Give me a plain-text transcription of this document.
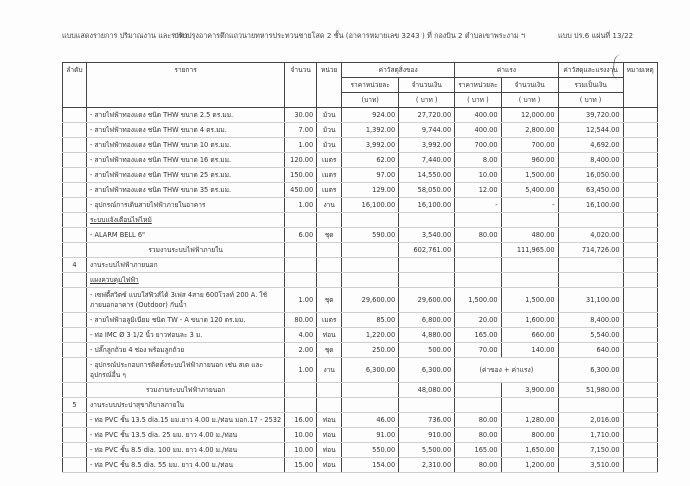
แบบแสดงรายการ ปริมาณงาน และราคา
ปรับปรุงอาคารตึกแถวนายทหารประทวนชายโสด 2 ชั้น (อาคารหมายเลข 3243 ) ที่ กองบิน 2 ตำบลเขาพระงาม ฯ	แบบ ปร.6 แผ่นที่ 13/22
ลำดับ	รายการ	จำนวน	หน่วย	ค่าวัสดุสิ่งของ		ค่าแรง		ค่าวัสดุและแรงงาน	หมายเหตุ
				ราคาหน่วยละ	จำนวนเงิน	ราคาหน่วยละ	จำนวนเงิน	รวมเป็นเงิน	
				(บาท)	( บาท )	( บาท )	( บาท )	( บาท )	
	- สายไฟฟ้าทองแดง ชนิด THW ขนาด 2.5 ตร.มม.	30.00	ม้วน	924.00	27,720.00	400.00	12,000.00	39,720.00	
	- สายไฟฟ้าทองแดง ชนิด THW ขนาด 4 ตร.มม.	7.00	ม้วน	1,392.00	9,744.00	400.00	2,800.00	12,544.00	
	- สายไฟฟ้าทองแดง ชนิด THW ขนาด 10 ตร.มม.	1.00	ม้วน	3,992.00	3,992.00	700.00	700.00	4,692.00	
	- สายไฟฟ้าทองแดง ชนิด THW ขนาด 16 ตร.มม.	120.00	เมตร	62.00	7,440.00	8.00	960.00	8,400.00	
	- สายไฟฟ้าทองแดง ชนิด THW ขนาด 25 ตร.มม.	150.00	เมตร	97.00	14,550.00	10.00	1,500.00	16,050.00	
	- สายไฟฟ้าทองแดง ชนิด THW ขนาด 35 ตร.มม.	450.00	เมตร	129.00	58,050.00	12.00	5,400.00	63,450.00	
	- อุปกรณ์การเดินสายไฟฟ้าภายในอาคาร	1.00	งาน	16,100.00	16,100.00	-	-	16,100.00	
	ระบบแจ้งเตือนไฟไหม้								
	- ALARM BELL 6"	6.00	ชุด	590.00	3,540.00	80.00	480.00	4,020.00	
	รวมงานระบบไฟฟ้าภายใน				602,761.00		111,965.00	714,726.00	
4	งานระบบไฟฟ้าภายนอก								
	แผงควบคุมไฟฟ้า								
	- เซฟตี้สวิตซ์ แบบใส่ฟิวส์ได้ 3เฟส 4สาย 600โวลท์ 200 A. ใช้ภายนอกอาคาร (Outdoor) กันน้ำ	1.00	ชุด	29,600.00	29,600.00	1,500.00	1,500.00	31,100.00	
	- สายไฟฟ้าอลูมิเนียม ชนิด TW - A ขนาด 120 ตร.มม.	80.00	เมตร	85.00	6,800.00	20.00	1,600.00	8,400.00	
	- ท่อ IMC Ø 3 1/2 นิ้ว ยาวท่อนละ 3 ม.	4.00	ท่อน	1,220.00	4,880.00	165.00	660.00	5,540.00	
	- ปลั๊กลูกถ้วย 4 ช่อง พร้อมลูกถ้วย	2.00	ชุด	250.00	500.00	70.00	140.00	640.00	
	- อุปกรณ์ประกอบการติดตั้งระบบไฟฟ้าภายนอก เช่น สเต และอุปกรณ์อื่น ๆ	1.00	งาน	6,300.00	6,300.00	(ค่าของ + ค่าแรง)		6,300.00	
	รวมงานระบบไฟฟ้าภายนอก				48,080.00		3,900.00	51,980.00	
5	งานระบบประปาสุขาภิบาลภายใน								
	- ท่อ PVC ชั้น 13.5 dia.15 มม.ยาว 4.00 ม./ท่อน มอก.17 - 2532	16.00	ท่อน	46.00	736.00	80.00	1,280.00	2,016.00	
	- ท่อ PVC ชั้น 13.5 dia. 25 มม. ยาว 4.00 ม./ท่อน	10.00	ท่อน	91.00	910.00	80.00	800.00	1,710.00	
	- ท่อ PVC ชั้น 8.5 dia. 100 มม. ยาว 4.00 ม./ท่อน	10.00	ท่อน	550.00	5,500.00	165.00	1,650.00	7,150.00	
	- ท่อ PVC ชั้น 8.5 dia. 55 มม. ยาว 4.00 ม./ท่อน	15.00	ท่อน	154.00	2,310.00	80.00	1,200.00	3,510.00	
